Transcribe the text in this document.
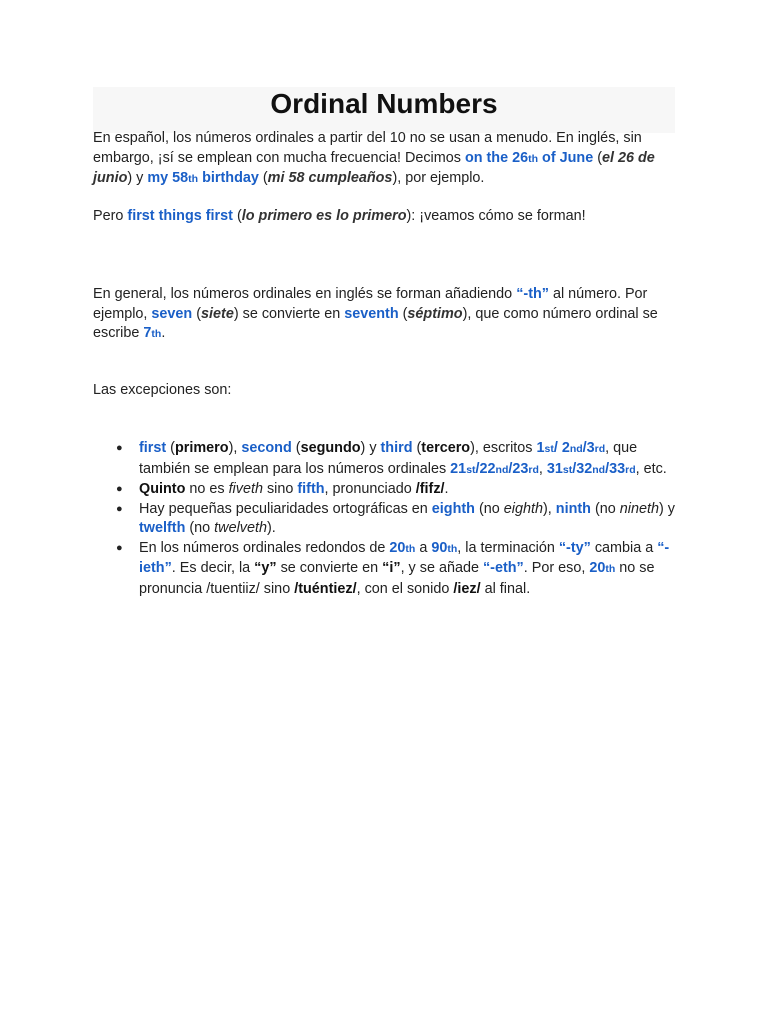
Ordinal Numbers

En español, los números ordinales a partir del 10 no se usan a menudo. En inglés, sin embargo, ¡sí se emplean con mucha frecuencia! Decimos on the 26th of June (el 26 de junio) y my 58th birthday (mi 58 cumpleaños), por ejemplo.

Pero first things first (lo primero es lo primero): ¡veamos cómo se forman!

En general, los números ordinales en inglés se forman añadiendo “-th” al número. Por ejemplo, seven (siete) se convierte en seventh (séptimo), que como número ordinal se escribe 7th.

Las excepciones son:

● first (primero), second (segundo) y third (tercero), escritos 1st/ 2nd/3rd, que también se emplean para los números ordinales 21st/22nd/23rd, 31st/32nd/33rd, etc.
● Quinto no es fiveth sino fifth, pronunciado /fifz/.
● Hay pequeñas peculiaridades ortográficas en eighth (no eighth), ninth (no nineth) y twelfth (no twelveth).
● En los números ordinales redondos de 20th a 90th, la terminación “-ty” cambia a “-ieth”. Es decir, la “y” se convierte en “i”, y se añade “-eth”. Por eso, 20th no se pronuncia /tuentiiz/ sino /tuéntiez/, con el sonido /iez/ al final.
